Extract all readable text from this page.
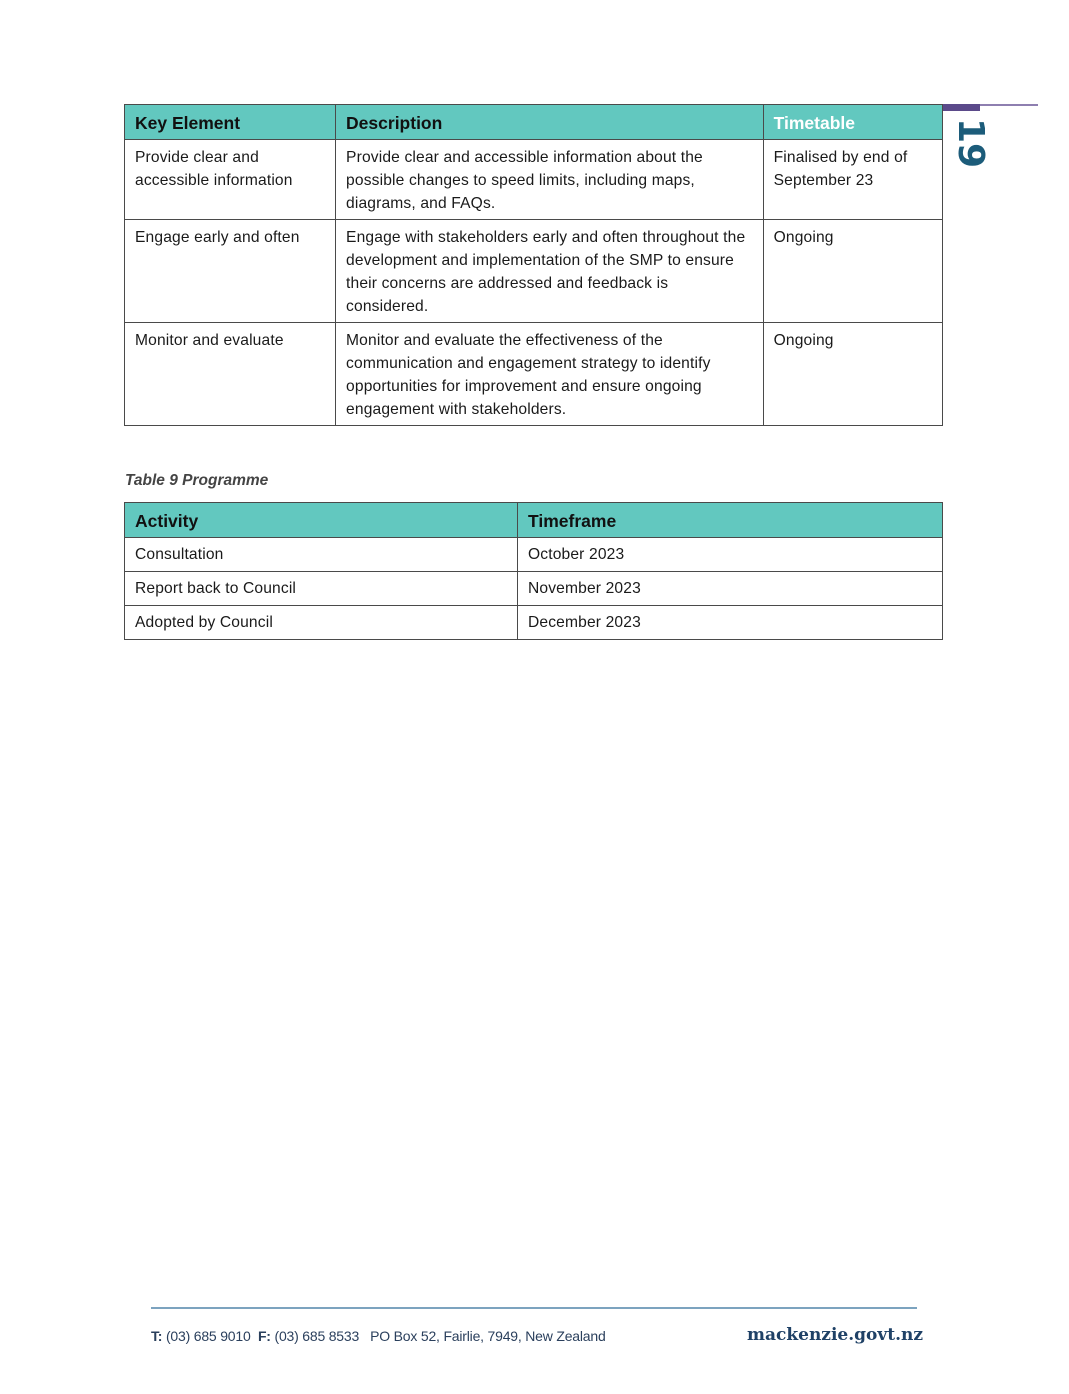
Key Element	Description	Timetable
Provide clear and accessible information	Provide clear and accessible information about the possible changes to speed limits, including maps, diagrams, and FAQs.	Finalised by end of September 23
Engage early and often	Engage with stakeholders early and often throughout the development and implementation of the SMP to ensure their concerns are addressed and feedback is considered.	Ongoing
Monitor and evaluate	Monitor and evaluate the effectiveness of the communication and engagement strategy to identify opportunities for improvement and ensure ongoing engagement with stakeholders.	Ongoing
19
Table 9 Programme
Activity	Timeframe
Consultation	October 2023
Report back to Council	November 2023
Adopted by Council	December 2023
T: (03) 685 9010 F: (03) 685 8533 PO Box 52, Fairlie, 7949, New Zealand	mackenzie.govt.nz
